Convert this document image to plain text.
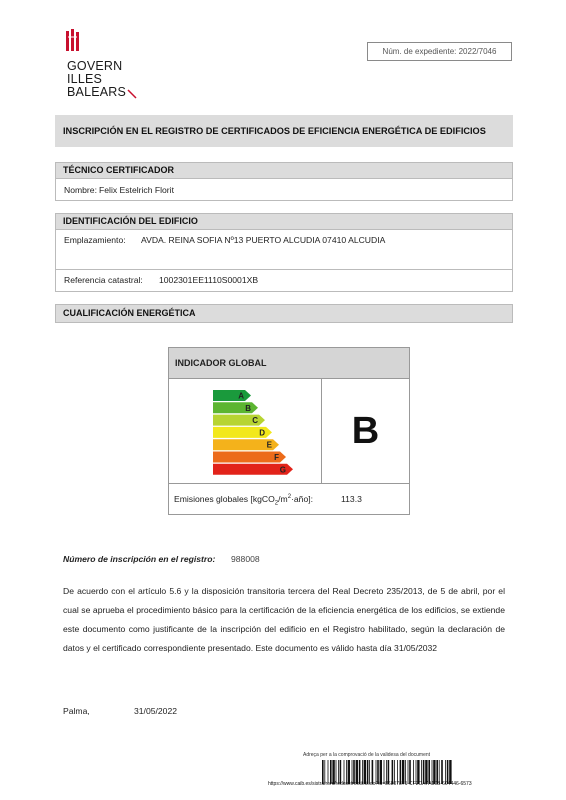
GOVERN
ILLES
BALEARS
Núm. de expediente: 2022/7046
INSCRIPCIÓN EN EL REGISTRO DE CERTIFICADOS DE EFICIENCIA ENERGÉTICA DE EDIFICIOS
TÉCNICO CERTIFICADOR
Nombre: Felix Estelrich Florit
IDENTIFICACIÓN DEL EDIFICIO
Emplazamiento: AVDA. REINA SOFIA Nº13 PUERTO ALCUDIA 07410 ALCUDIA
Referencia catastral: 1002301EE1110S0001XB
CUALIFICACIÓN ENERGÉTICA
INDICADOR GLOBAL
A
B
C
D
E
F
G
B
Emisiones globales $[kgCO_2/m^2\cdot año]$:	113.3
Número de inscripción en el registro: 988008
De acuerdo con el artículo 5.6 y la disposición transitoria tercera del Real Decreto 235/2013, de 5 de abril, por el cual se aprueba el procedimiento básico para la certificación de la eficiencia energética de los edificios, se extiende este documento como justificante de la inscripción del edificio en el Registro habilitado, según la declaración de datos y el certificado correspondiente presentado. Este documento es válido hasta día 31/05/2032
Palma,	31/05/2022
Adreça per a la comprovació de la validesa del document
https://www.caib.es/sistrafront/redosefront/init.do?id=86807871-CF2CA7A10B-604446-6573
